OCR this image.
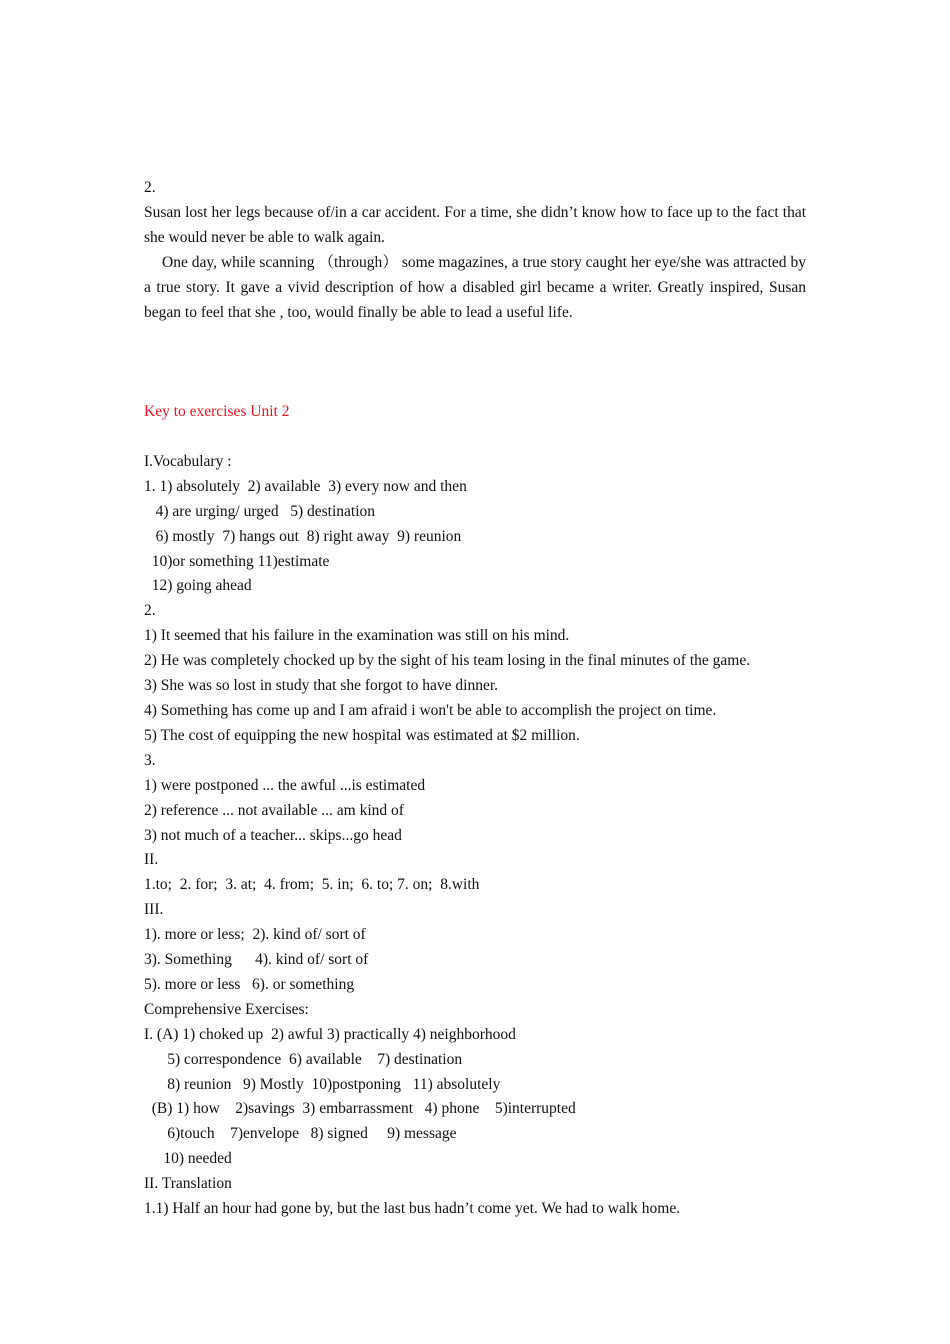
2.
Susan lost her legs because of/in a car accident. For a time, she didn’t know how to face up to the fact that she would never be able to walk again.
One day, while scanning （through） some magazines, a true story caught her eye/she was attracted by a true story. It gave a vivid description of how a disabled girl became a writer. Greatly inspired, Susan began to feel that she , too, would finally be able to lead a useful life.
Key to exercises Unit 2
I.Vocabulary :
1. 1) absolutely  2) available  3) every now and then
4) are urging/ urged   5) destination
6) mostly  7) hangs out  8) right away  9) reunion
10)or something 11)estimate
12) going ahead
2.
1) It seemed that his failure in the examination was still on his mind.
2) He was completely chocked up by the sight of his team losing in the final minutes of the game.
3) She was so lost in study that she forgot to have dinner.
4) Something has come up and I am afraid i won't be able to accomplish the project on time.
5) The cost of equipping the new hospital was estimated at $2 million.
3.
1) were postponed ... the awful ...is estimated
2) reference ... not available ... am kind of
3) not much of a teacher... skips...go head
II.
1.to;  2. for;  3. at;  4. from;  5. in;  6. to; 7. on;  8.with
III.
1). more or less;  2). kind of/ sort of
3). Something      4). kind of/ sort of
5). more or less   6). or something
Comprehensive Exercises:
I. (A) 1) choked up  2) awful 3) practically 4) neighborhood
5) correspondence  6) available    7) destination
8) reunion   9) Mostly  10)postponing   11) absolutely
(B) 1) how    2)savings  3) embarrassment   4) phone    5)interrupted
6)touch    7)envelope   8) signed     9) message
10) needed
II. Translation
1.1) Half an hour had gone by, but the last bus hadn’t come yet. We had to walk home.
